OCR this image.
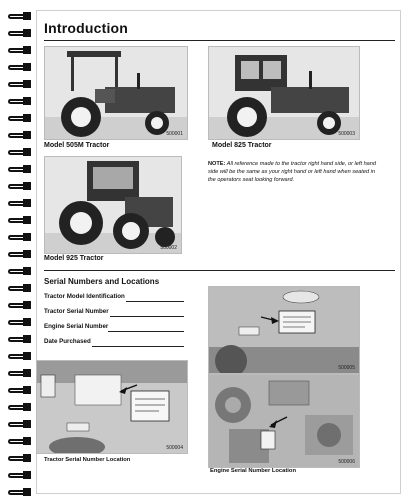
Introduction
500001
Model 505M Tractor
500003
Model 825 Tractor
NOTE: All reference made to the tractor right hand side, or left hand side will be the same as your right hand or left hand when seated in the operators seat looking forward.
500002
Model 925 Tractor
Serial Numbers and Locations
Tractor Model Identification
Tractor Serial Number
Engine Serial Number
Date Purchased
500004
Tractor Serial Number Location
500005
500006
Engine Serial Number Location
